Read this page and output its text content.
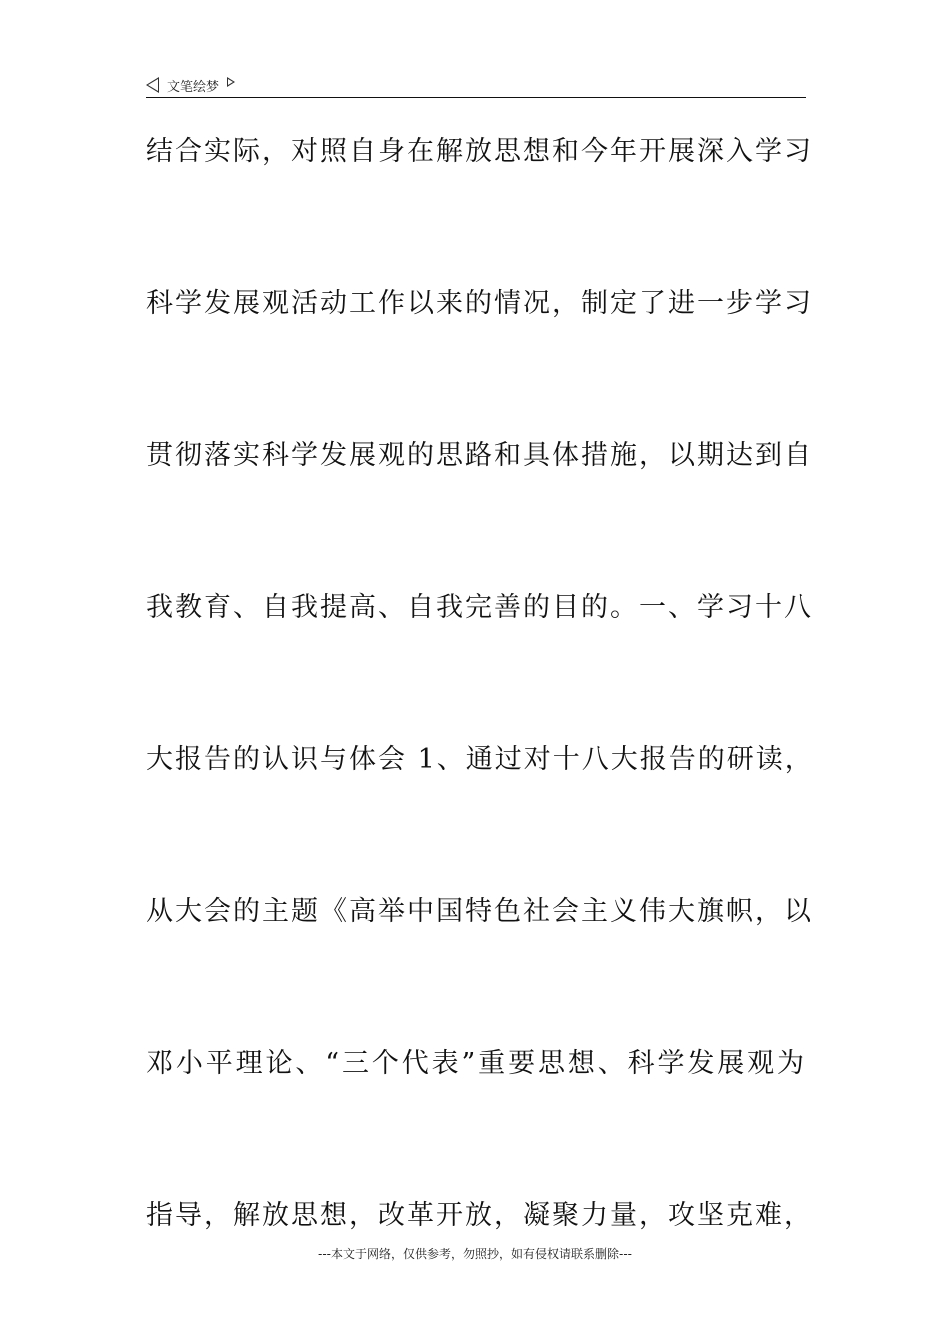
文笔绘梦
结合实际，对照自身在解放思想和今年开展深入学习
科学发展观活动工作以来的情况，制定了进一步学习
贯彻落实科学发展观的思路和具体措施，以期达到自
我教育、自我提高、自我完善的目的。一、学习十八
大报告的认识与体会 1、通过对十八大报告的研读，
从大会的主题《高举中国特色社会主义伟大旗帜，以
邓小平理论、“三个代表”重要思想、科学发展观为
指导，解放思想，改革开放，凝聚力量，攻坚克难，
---本文于网络，仅供参考，勿照抄，如有侵权请联系删除---
